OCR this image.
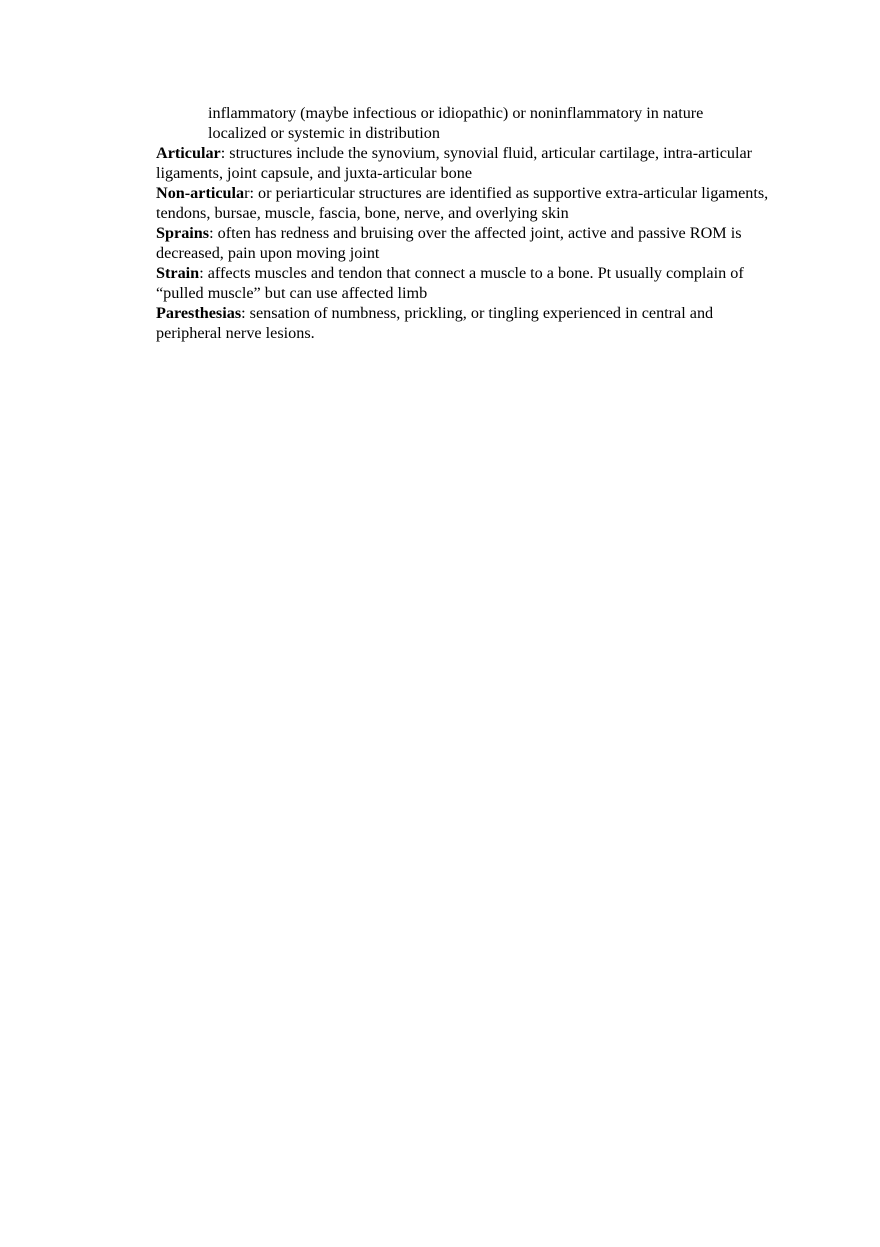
inflammatory (maybe infectious or idiopathic) or noninflammatory in nature
localized or systemic in distribution
Articular: structures include the synovium, synovial fluid, articular cartilage, intra-articular ligaments, joint capsule, and juxta-articular bone
Non-articular: or periarticular structures are identified as supportive extra-articular ligaments, tendons, bursae, muscle, fascia, bone, nerve, and overlying skin
Sprains: often has redness and bruising over the affected joint, active and passive ROM is decreased, pain upon moving joint
Strain: affects muscles and tendon that connect a muscle to a bone. Pt usually complain of “pulled muscle” but can use affected limb
Paresthesias: sensation of numbness, prickling, or tingling experienced in central and peripheral nerve lesions.
